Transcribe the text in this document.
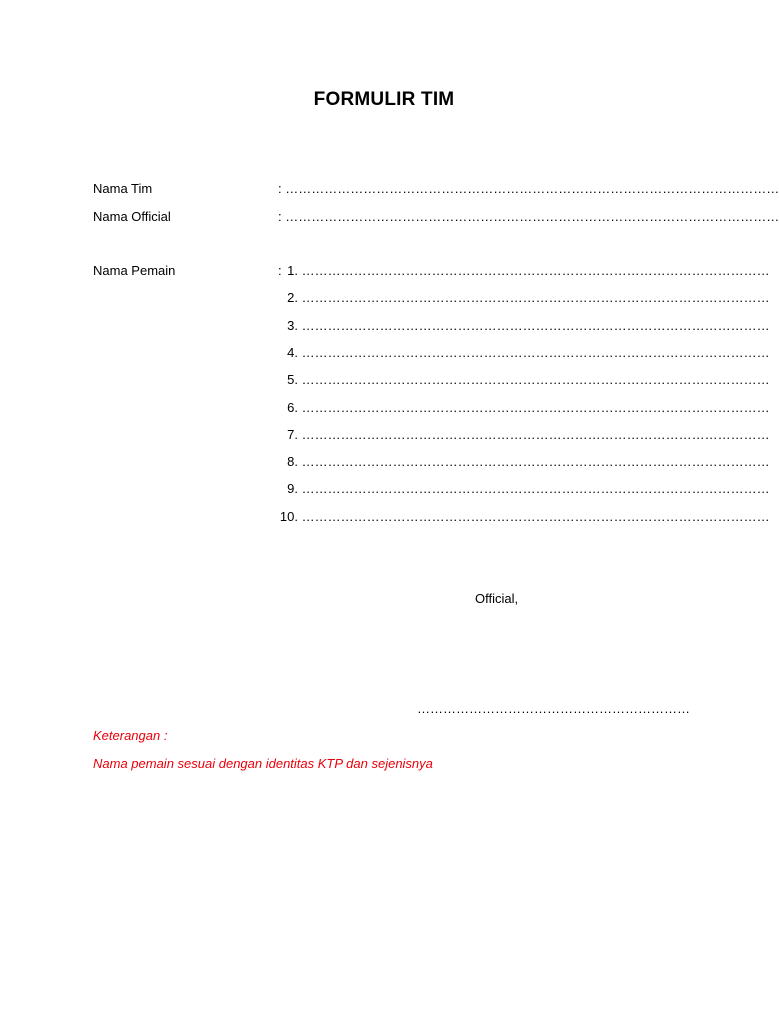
FORMULIR TIM
Nama Tim	: ……………………………………………………………………………………………………
Nama Official	: ……………………………………………………………………………………………………
Nama Pemain	: 1. ………………………………………………………………………………………………
2. ………………………………………………………………………………………………
3. ………………………………………………………………………………………………
4. ………………………………………………………………………………………………
5. ………………………………………………………………………………………………
6. ………………………………………………………………………………………………
7. ………………………………………………………………………………………………
8. ………………………………………………………………………………………………
9. ………………………………………………………………………………………………
10. ………………………………………………………………………………………………
Official,
………………………………………………………
Keterangan :
Nama pemain sesuai dengan identitas KTP dan sejenisnya
